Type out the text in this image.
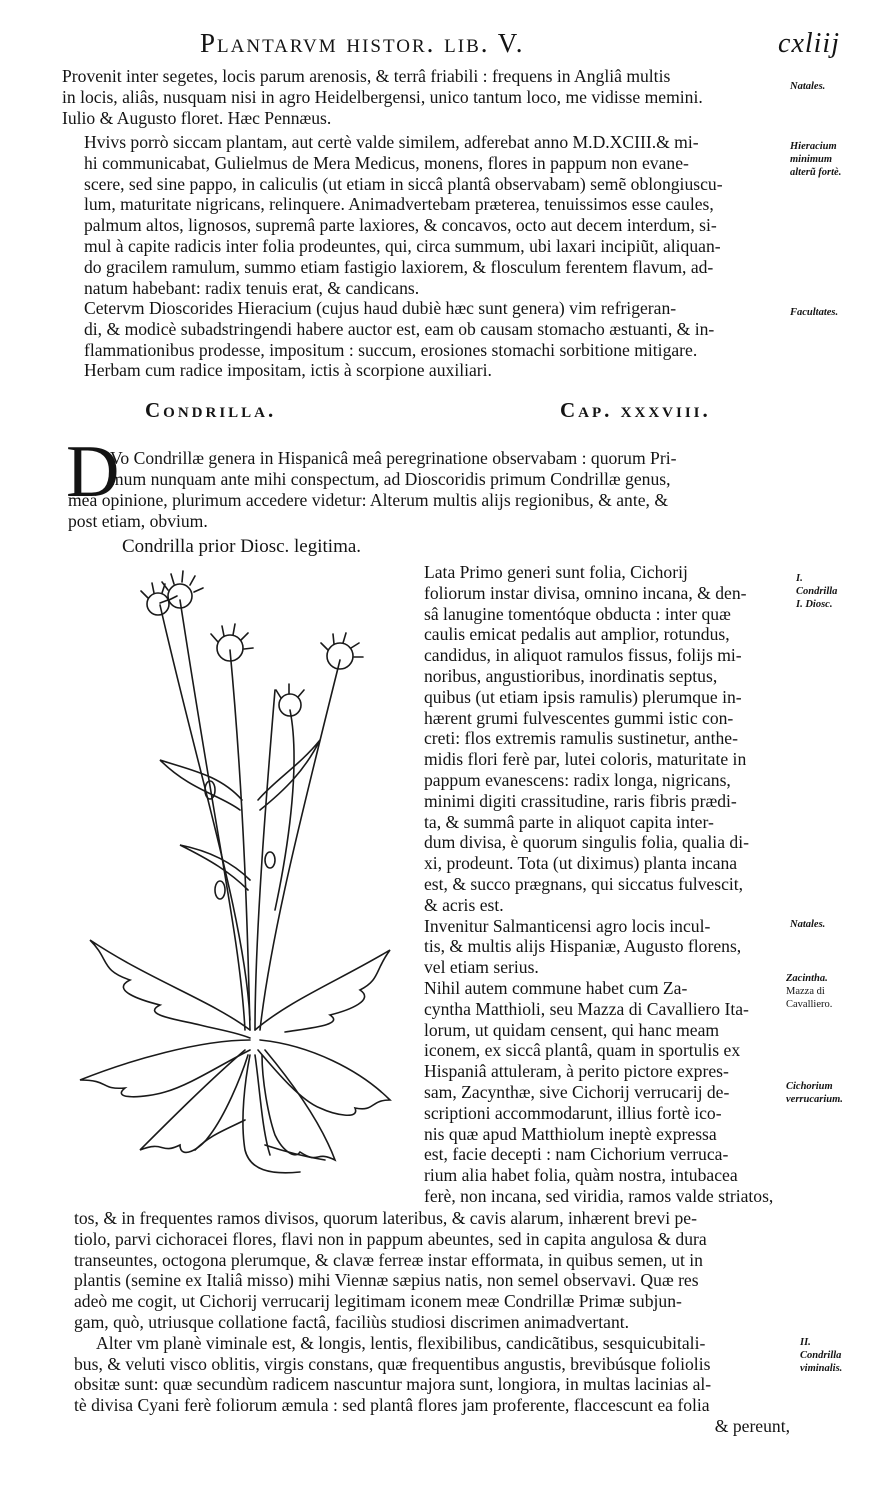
Plantarvm histor. lib. V.	cxliij
Provenit inter segetes, locis parum arenosis, & terrâ friabili : frequens in Angliâ multis
in locis, aliâs, nusquam nisi in agro Heidelbergensi, unico tantum loco, me vidisse memini.
Iulio & Augusto floret. Hæc Pennæus.
Natales.
Hvivs porrò siccam plantam, aut certè valde similem, adferebat anno M.D.XCIII.& mi-
hi communicabat, Gulielmus de Mera Medicus, monens, flores in pappum non evane-
scere, sed sine pappo, in caliculis (ut etiam in siccâ plantâ observabam) semẽ oblongiuscu-
lum, maturitate nigricans, relinquere. Animadvertebam præterea, tenuissimos esse caules,
palmum altos, lignosos, supremâ parte laxiores, & concavos, octo aut decem interdum, si-
mul à capite radicis inter folia prodeuntes, qui, circa summum, ubi laxari incipiũt, aliquan-
do gracilem ramulum, summo etiam fastigio laxiorem, & flosculum ferentem flavum, ad-
natum habebant: radix tenuis erat, & candicans.
Hieracium
minimum
alterũ fortè.
Cetervm Dioscorides Hieracium (cujus haud dubiè hæc sunt genera) vim refrigeran-
di, & modicè subadstringendi habere auctor est, eam ob causam stomacho æstuanti, & in-
flammationibus prodesse, impositum : succum, erosiones stomachi sorbitione mitigare.
Herbam cum radice impositam, ictis à scorpione auxiliari.
Facultates.
Condrilla.	Cap. xxxviii.
D
Vo Condrillæ genera in Hispanicâ meâ peregrinatione observabam : quorum Pri-
mum nunquam ante mihi conspectum, ad Dioscoridis primum Condrillæ genus,
meâ opinione, plurimum accedere videtur: Alterum multis alijs regionibus, & ante, &
post etiam, obvium.
Condrilla prior Diosc. legitima.
Lata Primo generi sunt folia, Cichorij
foliorum instar divisa, omnino incana, & den-
sâ lanugine tomentóque obducta : inter quæ
caulis emicat pedalis aut amplior, rotundus,
candidus, in aliquot ramulos fissus, folijs mi-
noribus, angustioribus, inordinatis septus,
quibus (ut etiam ipsis ramulis) plerumque in-
hærent grumi fulvescentes gummi istic con-
creti: flos extremis ramulis sustinetur, anthe-
midis flori ferè par, lutei coloris, maturitate in
pappum evanescens: radix longa, nigricans,
minimi digiti crassitudine, raris fibris prædi-
ta, & summâ parte in aliquot capita inter-
dum divisa, è quorum singulis folia, qualia di-
xi, prodeunt. Tota (ut diximus) planta incana
est, & succo prægnans, qui siccatus fulvescit,
& acris est.
Invenitur Salmanticensi agro locis incul-
tis, & multis alijs Hispaniæ, Augusto florens,
vel etiam serius.
Nihil autem commune habet cum Za-
cyntha Matthioli, seu Mazza di Cavalliero Ita-
lorum, ut quidam censent, qui hanc meam
iconem, ex siccâ plantâ, quam in sportulis ex
Hispaniâ attuleram, à perito pictore expres-
sam, Zacynthæ, sive Cichorij verrucarij de-
scriptioni accommodarunt, illius fortè ico-
nis quæ apud Matthiolum ineptè expressa
est, facie decepti : nam Cichorium verruca-
rium alia habet folia, quàm nostra, intubacea
ferè, non incana, sed viridia, ramos valde striatos,
I.
Condrilla
I. Diosc.
Natales.
Zacintha.
Mazza di
Cavalliero.
Cichorium
verrucarium.
tos, & in frequentes ramos divisos, quorum lateribus, & cavis alarum, inhærent brevi pe-
tiolo, parvi cichoracei flores, flavi non in pappum abeuntes, sed in capita angulosa & dura
transeuntes, octogona plerumque, & clavæ ferreæ instar efformata, in quibus semen, ut in
plantis (semine ex Italiâ misso) mihi Viennæ sæpius natis, non semel observavi. Quæ res
adeò me cogit, ut Cichorij verrucarij legitimam iconem meæ Condrillæ Primæ subjun-
gam, quò, utriusque collatione factâ, faciliùs studiosi discrimen animadvertant.
Alter vm planè viminale est, & longis, lentis, flexibilibus, candicãtibus, sesquicubitali-
bus, & veluti visco oblitis, virgis constans, quæ frequentibus angustis, brevibúsque foliolis
obsitæ sunt: quæ secundùm radicem nascuntur majora sunt, longiora, in multas lacinias al-
tè divisa Cyani ferè foliorum æmula : sed plantâ flores jam proferente, flaccescunt ea folia
& pereunt,
II.
Condrilla
viminalis.
